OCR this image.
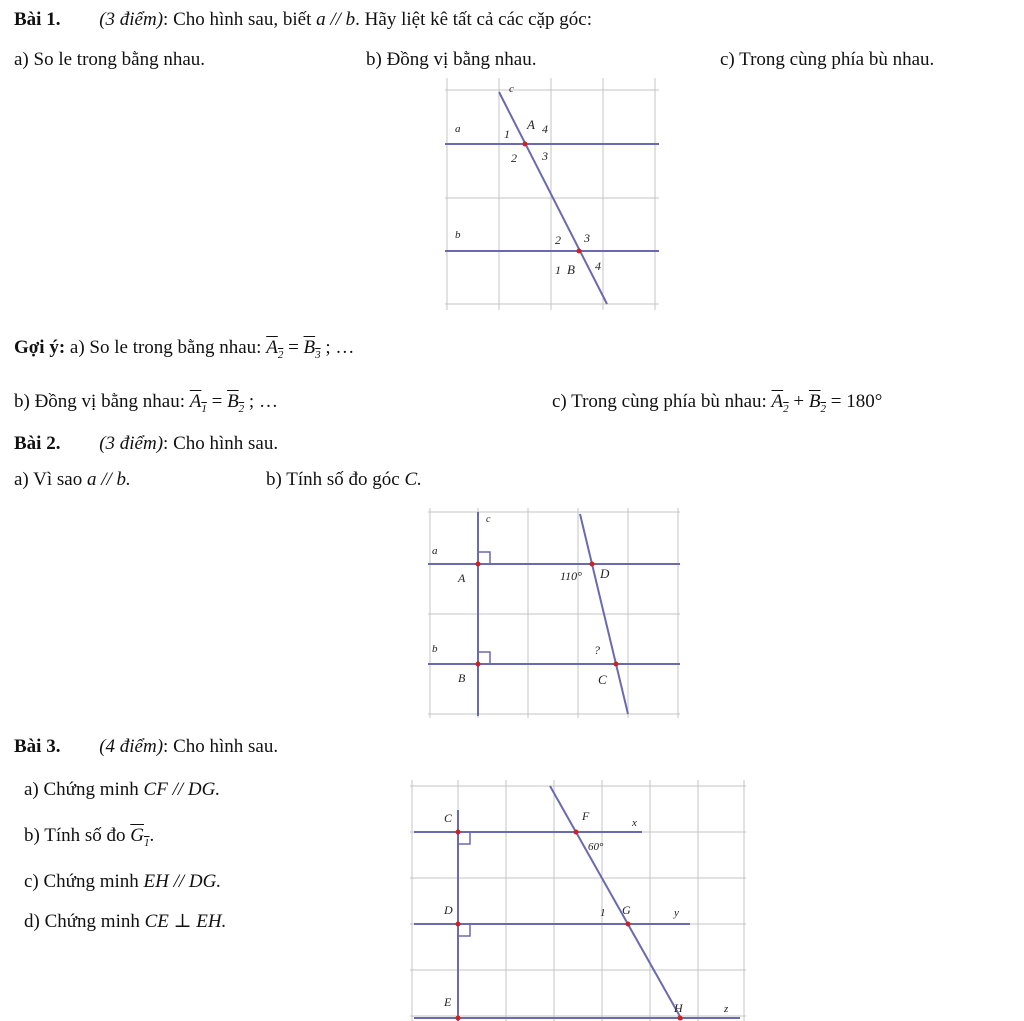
Bài 1. (3 điểm): Cho hình sau, biết a // b. Hãy liệt kê tất cả các cặp góc:
a) So le trong bằng nhau.	b) Đồng vị bằng nhau.	c) Trong cùng phía bù nhau.
c
a
b
1
A 4
2 3
2 3
1 B 4
Gợi ý: a) So le trong bằng nhau: $A_2 = B_3$ ; …
b) Đồng vị bằng nhau: $A_1 = B_2$ ; …	c) Trong cùng phía bù nhau: $A_2 + B_2 = 180^\circ$
Bài 2. (3 điểm): Cho hình sau.
a) Vì sao a // b.	b) Tính số đo góc C.
c
a
b
A
B
110° D
?
C
Bài 3. (4 điểm): Cho hình sau.
a) Chứng minh CF // DG.
b) Tính số đo $G_1$.
c) Chứng minh EH // DG.
d) Chứng minh CE ⊥ EH.
C
D
E
F	x
60°
1 G	y
H	z
